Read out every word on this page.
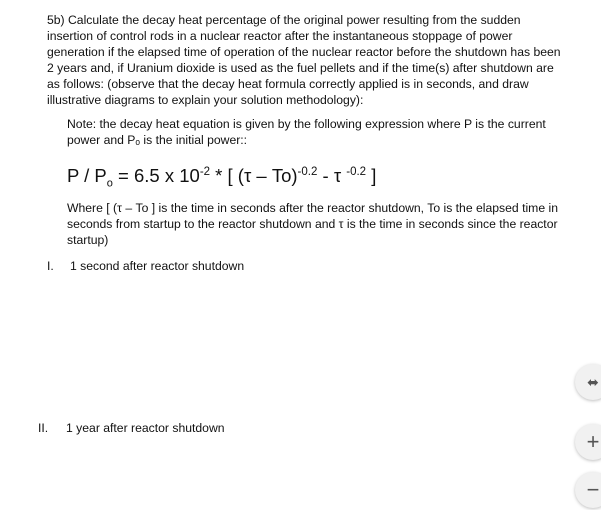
5b) Calculate the decay heat percentage of the original power resulting from the sudden insertion of control rods in a nuclear reactor after the instantaneous stoppage of power generation if the elapsed time of operation of the nuclear reactor before the shutdown has been 2 years and, if Uranium dioxide is used as the fuel pellets and if the time(s) after shutdown are as follows: (observe that the decay heat formula correctly applied is in seconds, and draw illustrative diagrams to explain your solution methodology):

Note: the decay heat equation is given by the following expression where P is the current power and Pₒ is the initial power::

$P / P_o = 6.5$ x $10^{-2}$ * [ (τ – To)$^{-0.2}$ - τ $^{-0.2}$ ]

Where [ (τ – To ] is the time in seconds after the reactor shutdown, To is the elapsed time in seconds from startup to the reactor shutdown and τ is the time in seconds since the reactor startup)

I. 1 second after reactor shutdown
II. 1 year after reactor shutdown
⬌
+
−
